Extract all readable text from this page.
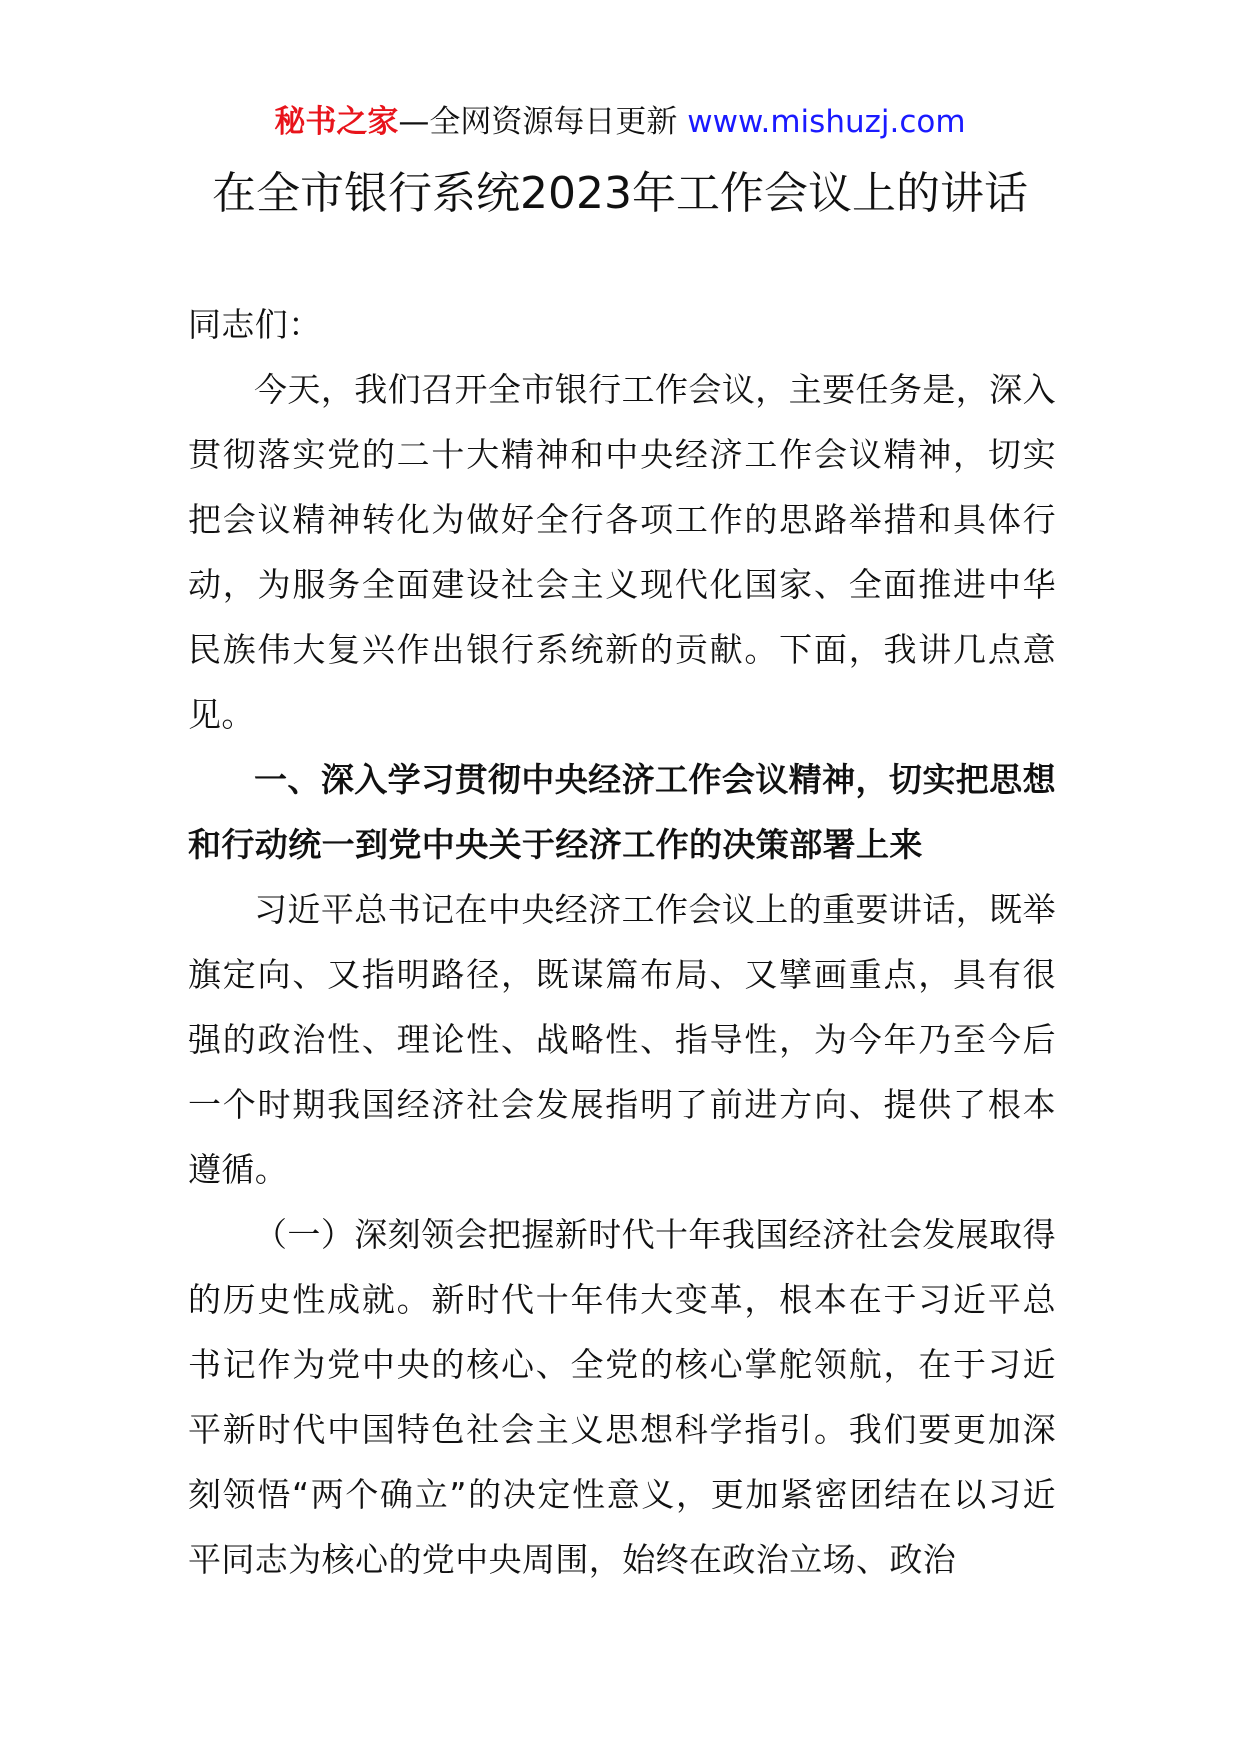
秘书之家—全网资源每日更新 www.mishuzj.com
在全市银行系统2023年工作会议上的讲话

同志们：

今天，我们召开全市银行工作会议，主要任务是，深入贯彻落实党的二十大精神和中央经济工作会议精神，切实把会议精神转化为做好全行各项工作的思路举措和具体行动，为服务全面建设社会主义现代化国家、全面推进中华民族伟大复兴作出银行系统新的贡献。下面，我讲几点意见。

一、深入学习贯彻中央经济工作会议精神，切实把思想和行动统一到党中央关于经济工作的决策部署上来

习近平总书记在中央经济工作会议上的重要讲话，既举旗定向、又指明路径，既谋篇布局、又擘画重点，具有很强的政治性、理论性、战略性、指导性，为今年乃至今后一个时期我国经济社会发展指明了前进方向、提供了根本遵循。

（一）深刻领会把握新时代十年我国经济社会发展取得的历史性成就。新时代十年伟大变革，根本在于习近平总书记作为党中央的核心、全党的核心掌舵领航，在于习近平新时代中国特色社会主义思想科学指引。我们要更加深刻领悟“两个确立”的决定性意义，更加紧密团结在以习近平同志为核心的党中央周围，始终在政治立场、政治
